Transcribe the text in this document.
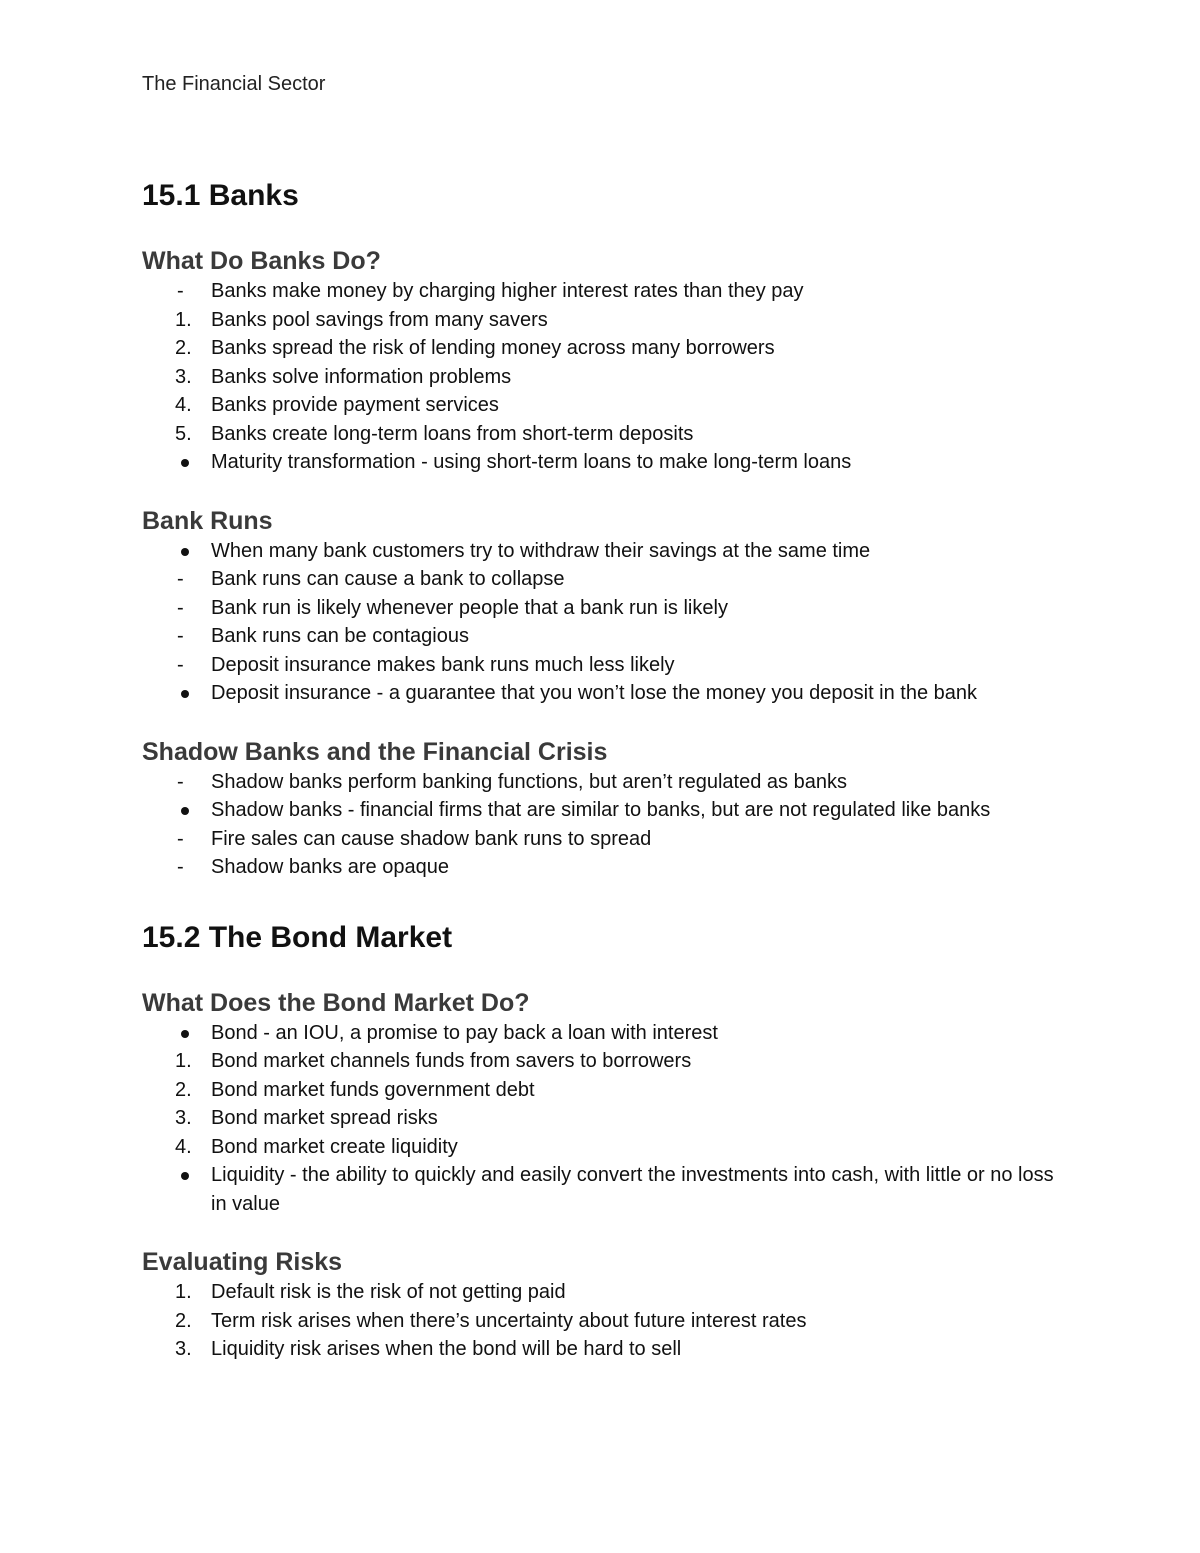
The Financial Sector
15.1 Banks
What Do Banks Do?
-	Banks make money by charging higher interest rates than they pay
1. Banks pool savings from many savers
2. Banks spread the risk of lending money across many borrowers
3. Banks solve information problems
4. Banks provide payment services
5. Banks create long-term loans from short-term deposits
Maturity transformation - using short-term loans to make long-term loans
Bank Runs
When many bank customers try to withdraw their savings at the same time
-	Bank runs can cause a bank to collapse
-	Bank run is likely whenever people that a bank run is likely
-	Bank runs can be contagious
-	Deposit insurance makes bank runs much less likely
Deposit insurance - a guarantee that you won’t lose the money you deposit in the bank
Shadow Banks and the Financial Crisis
-	Shadow banks perform banking functions, but aren’t regulated as banks
Shadow banks - financial firms that are similar to banks, but are not regulated like banks
-	Fire sales can cause shadow bank runs to spread
-	Shadow banks are opaque
15.2 The Bond Market
What Does the Bond Market Do?
Bond - an IOU, a promise to pay back a loan with interest
1. Bond market channels funds from savers to borrowers
2. Bond market funds government debt
3. Bond market spread risks
4. Bond market create liquidity
Liquidity - the ability to quickly and easily convert the investments into cash, with little or no loss in value
Evaluating Risks
1. Default risk is the risk of not getting paid
2. Term risk arises when there’s uncertainty about future interest rates
3. Liquidity risk arises when the bond will be hard to sell
